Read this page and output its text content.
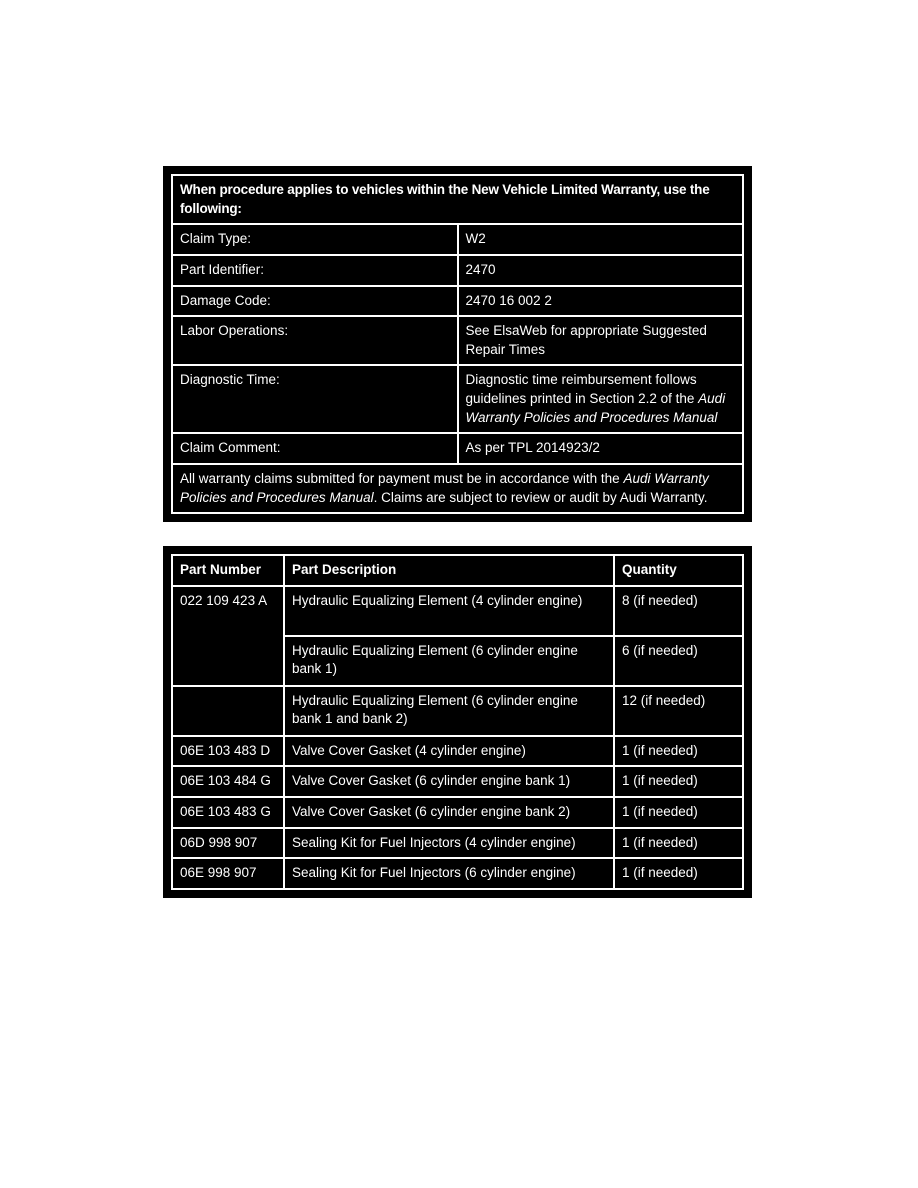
When procedure applies to vehicles within the New Vehicle Limited Warranty, use the following:	
Claim Type:	W2
Part Identifier:	2470
Damage Code:	2470 16 002 2
Labor Operations:	See ElsaWeb for appropriate Suggested Repair Times
Diagnostic Time:	Diagnostic time reimbursement follows guidelines printed in Section 2.2 of the Audi Warranty Policies and Procedures Manual
Claim Comment:	As per TPL 2014923/2
All warranty claims submitted for payment must be in accordance with the Audi Warranty Policies and Procedures Manual. Claims are subject to review or audit by Audi Warranty.	
Part Number	Part Description	Quantity
022 109 423 A	Hydraulic Equalizing Element (4 cylinder engine)	8 (if needed)
	Hydraulic Equalizing Element (6 cylinder engine bank 1)	6 (if needed)
	Hydraulic Equalizing Element (6 cylinder engine bank 1 and bank 2)	12 (if needed)
06E 103 483 D	Valve Cover Gasket (4 cylinder engine)	1 (if needed)
06E 103 484 G	Valve Cover Gasket (6 cylinder engine bank 1)	1 (if needed)
06E 103 483 G	Valve Cover Gasket (6 cylinder engine bank 2)	1 (if needed)
06D 998 907	Sealing Kit for Fuel Injectors (4 cylinder engine)	1 (if needed)
06E 998 907	Sealing Kit for Fuel Injectors (6 cylinder engine)	1 (if needed)
